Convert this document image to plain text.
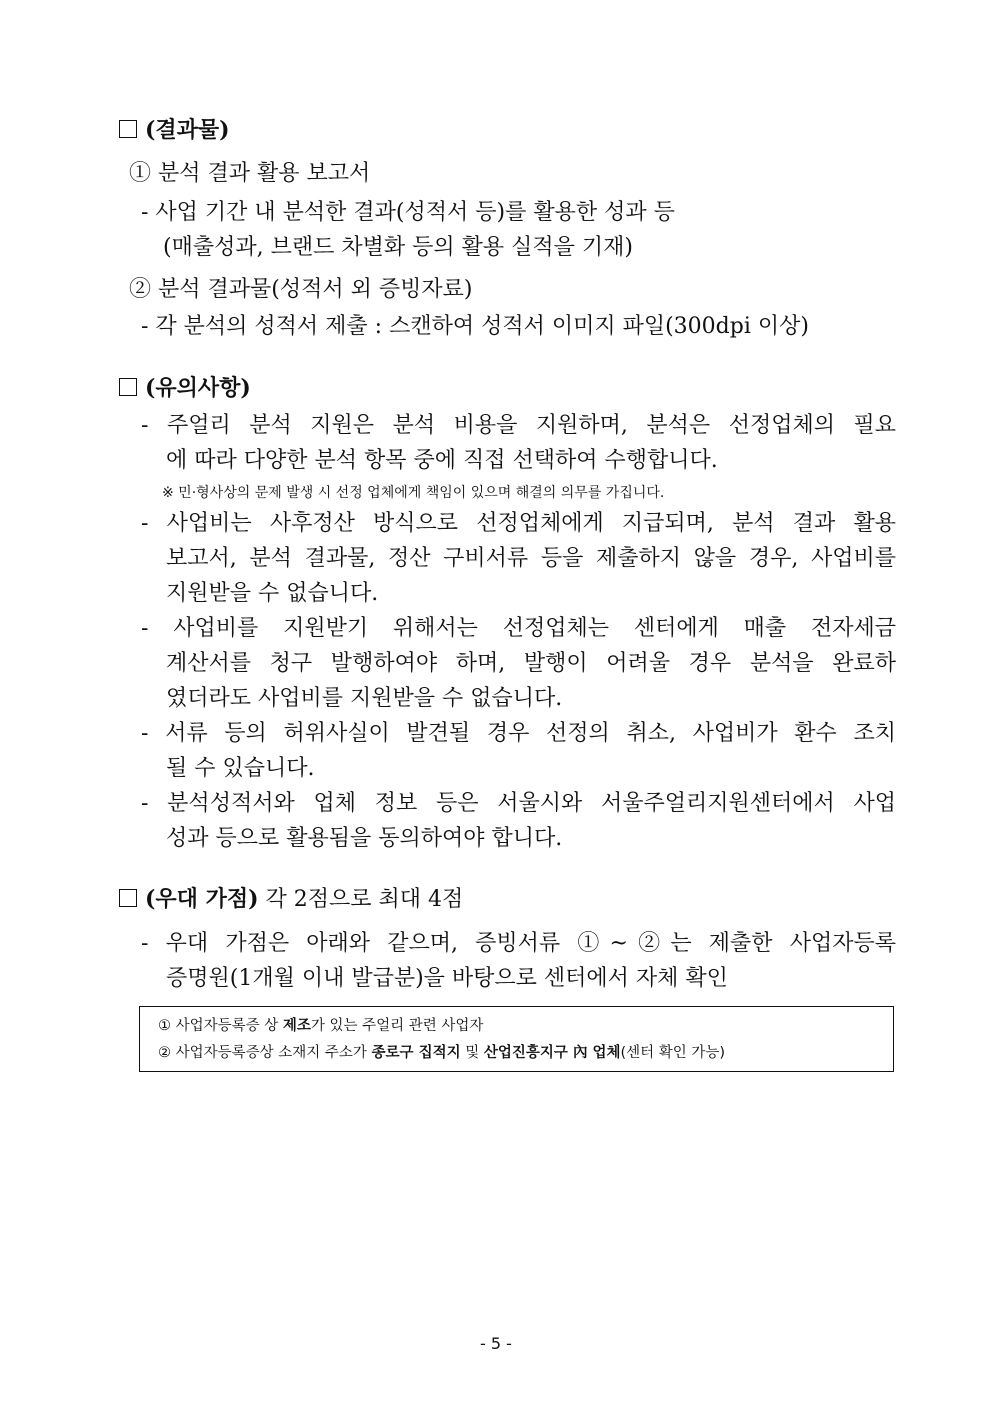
(결과물)
① 분석 결과 활용 보고서
- 사업 기간 내 분석한 결과(성적서 등)를 활용한 성과 등
(매출성과, 브랜드 차별화 등의 활용 실적을 기재)
② 분석 결과물(성적서 외 증빙자료)
- 각 분석의 성적서 제출 : 스캔하여 성적서 이미지 파일(300dpi 이상)
(유의사항)
- 주얼리 분석 지원은 분석 비용을 지원하며, 분석은 선정업체의 필요
에 따라 다양한 분석 항목 중에 직접 선택하여 수행합니다.
※ 민·형사상의 문제 발생 시 선정 업체에게 책임이 있으며 해결의 의무를 가집니다.
- 사업비는 사후정산 방식으로 선정업체에게 지급되며, 분석 결과 활용
보고서, 분석 결과물, 정산 구비서류 등을 제출하지 않을 경우, 사업비를
지원받을 수 없습니다.
- 사업비를 지원받기 위해서는 선정업체는 센터에게 매출 전자세금
계산서를 청구 발행하여야 하며, 발행이 어려울 경우 분석을 완료하
였더라도 사업비를 지원받을 수 없습니다.
- 서류 등의 허위사실이 발견될 경우 선정의 취소, 사업비가 환수 조치
될 수 있습니다.
- 분석성적서와 업체 정보 등은 서울시와 서울주얼리지원센터에서 사업
성과 등으로 활용됨을 동의하여야 합니다.
(우대 가점) 각 2점으로 최대 4점
- 우대 가점은 아래와 같으며, 증빙서류 ①~②는 제출한 사업자등록
증명원(1개월 이내 발급분)을 바탕으로 센터에서 자체 확인
① 사업자등록증 상 제조가 있는 주얼리 관련 사업자
② 사업자등록증상 소재지 주소가 종로구 집적지 및 산업진흥지구 內 업체(센터 확인 가능)
- 5 -
